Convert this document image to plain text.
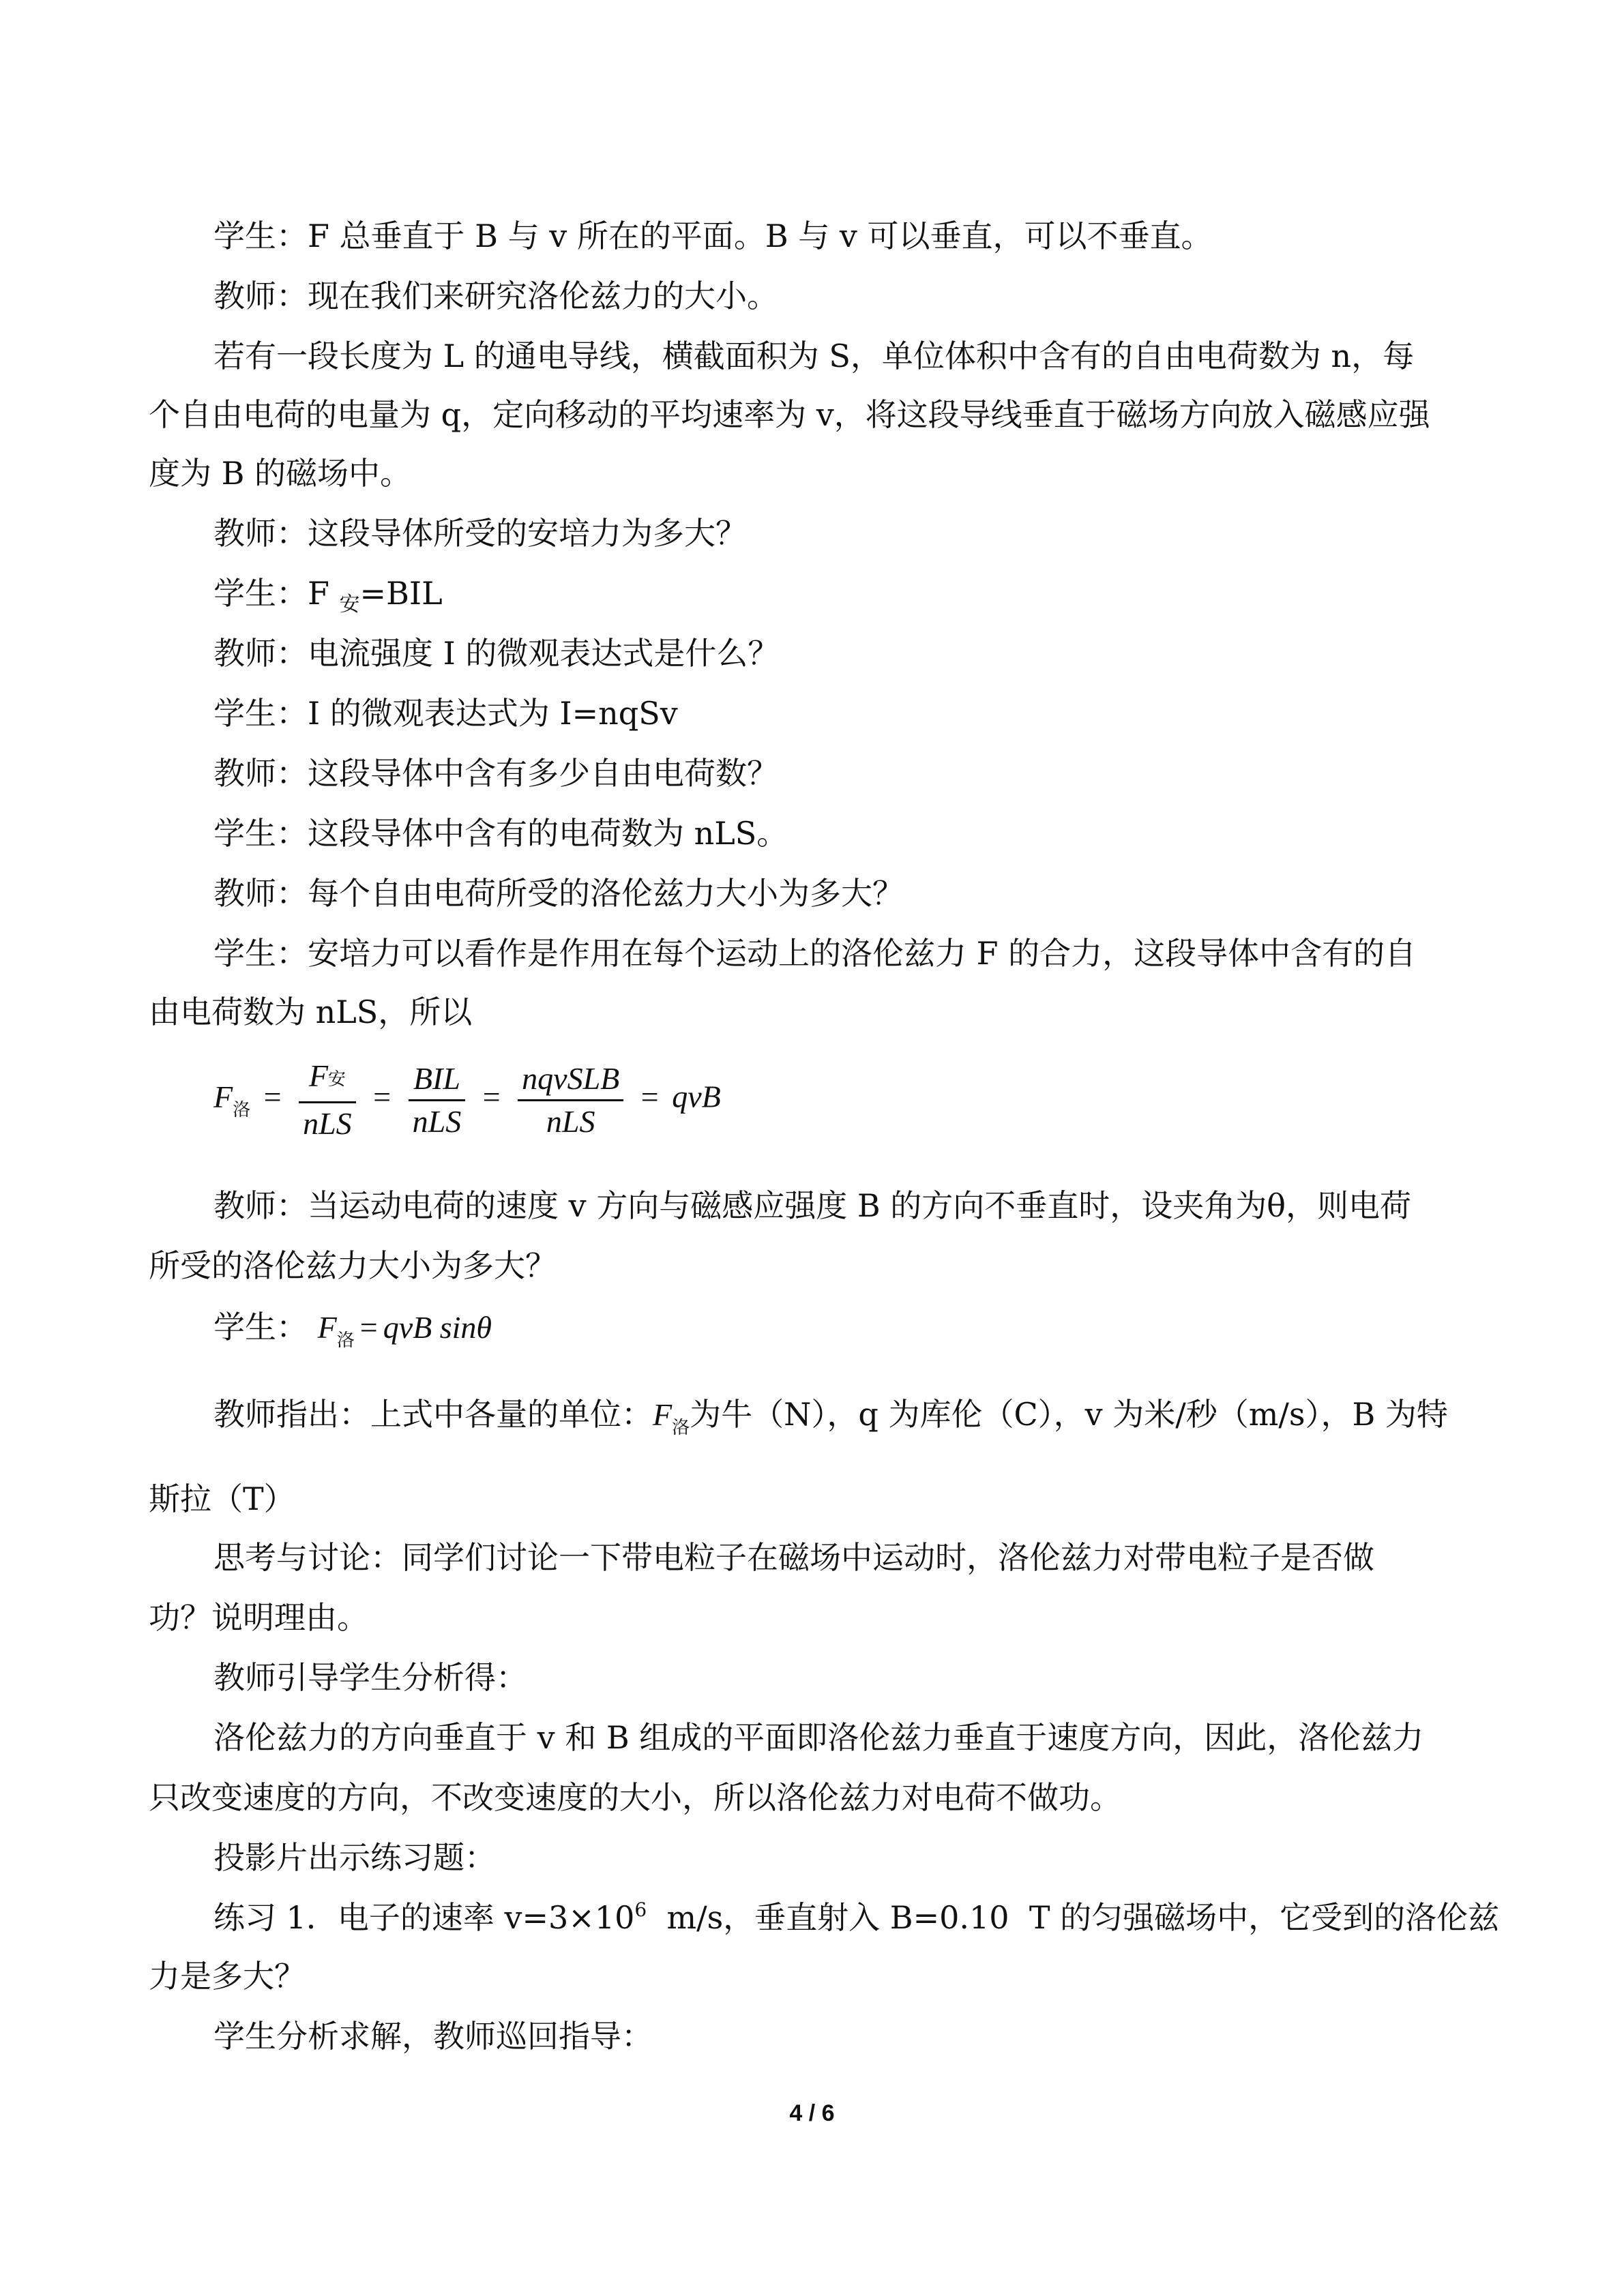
学生：F 总垂直于 B 与 v 所在的平面。B 与 v 可以垂直，可以不垂直。
教师：现在我们来研究洛伦兹力的大小。
若有一段长度为 L 的通电导线，横截面积为 S，单位体积中含有的自由电荷数为 n，每
个自由电荷的电量为 q，定向移动的平均速率为 v，将这段导线垂直于磁场方向放入磁感应强
度为 B 的磁场中。
教师：这段导体所受的安培力为多大？
学生：F $_安$=BIL
教师：电流强度 I 的微观表达式是什么？
学生：I 的微观表达式为 I=nqSv
教师：这段导体中含有多少自由电荷数？
学生：这段导体中含有的电荷数为 nLS。
教师：每个自由电荷所受的洛伦兹力大小为多大？
学生：安培力可以看作是作用在每个运动上的洛伦兹力 F 的合力，这段导体中含有的自
由电荷数为 nLS，所以
$F_洛 = \frac{\text{F安}}{\text{nLS}} = \frac{\text{BIL}}{\text{nLS}} = \frac{\text{nqvSLB}}{\text{nLS}}$ = qvB
教师：当运动电荷的速度 v 方向与磁感应强度 B 的方向不垂直时，设夹角为θ，则电荷
所受的洛伦兹力大小为多大？
学生： $F_洛$ = qvB sinθ
教师指出：上式中各量的单位：$F_洛$为牛（N），q 为库伦（C），v 为米/秒（m/s），B 为特
斯拉（T）
思考与讨论：同学们讨论一下带电粒子在磁场中运动时，洛伦兹力对带电粒子是否做
功？说明理由。
教师引导学生分析得：
洛伦兹力的方向垂直于 v 和 B 组成的平面即洛伦兹力垂直于速度方向，因此，洛伦兹力
只改变速度的方向，不改变速度的大小，所以洛伦兹力对电荷不做功。
投影片出示练习题：
练习 1．电子的速率 $v=3\times 10^6$  m/s，垂直射入 B=0.10  T 的匀强磁场中，它受到的洛伦兹
力是多大？
学生分析求解，教师巡回指导：
4 / 6
